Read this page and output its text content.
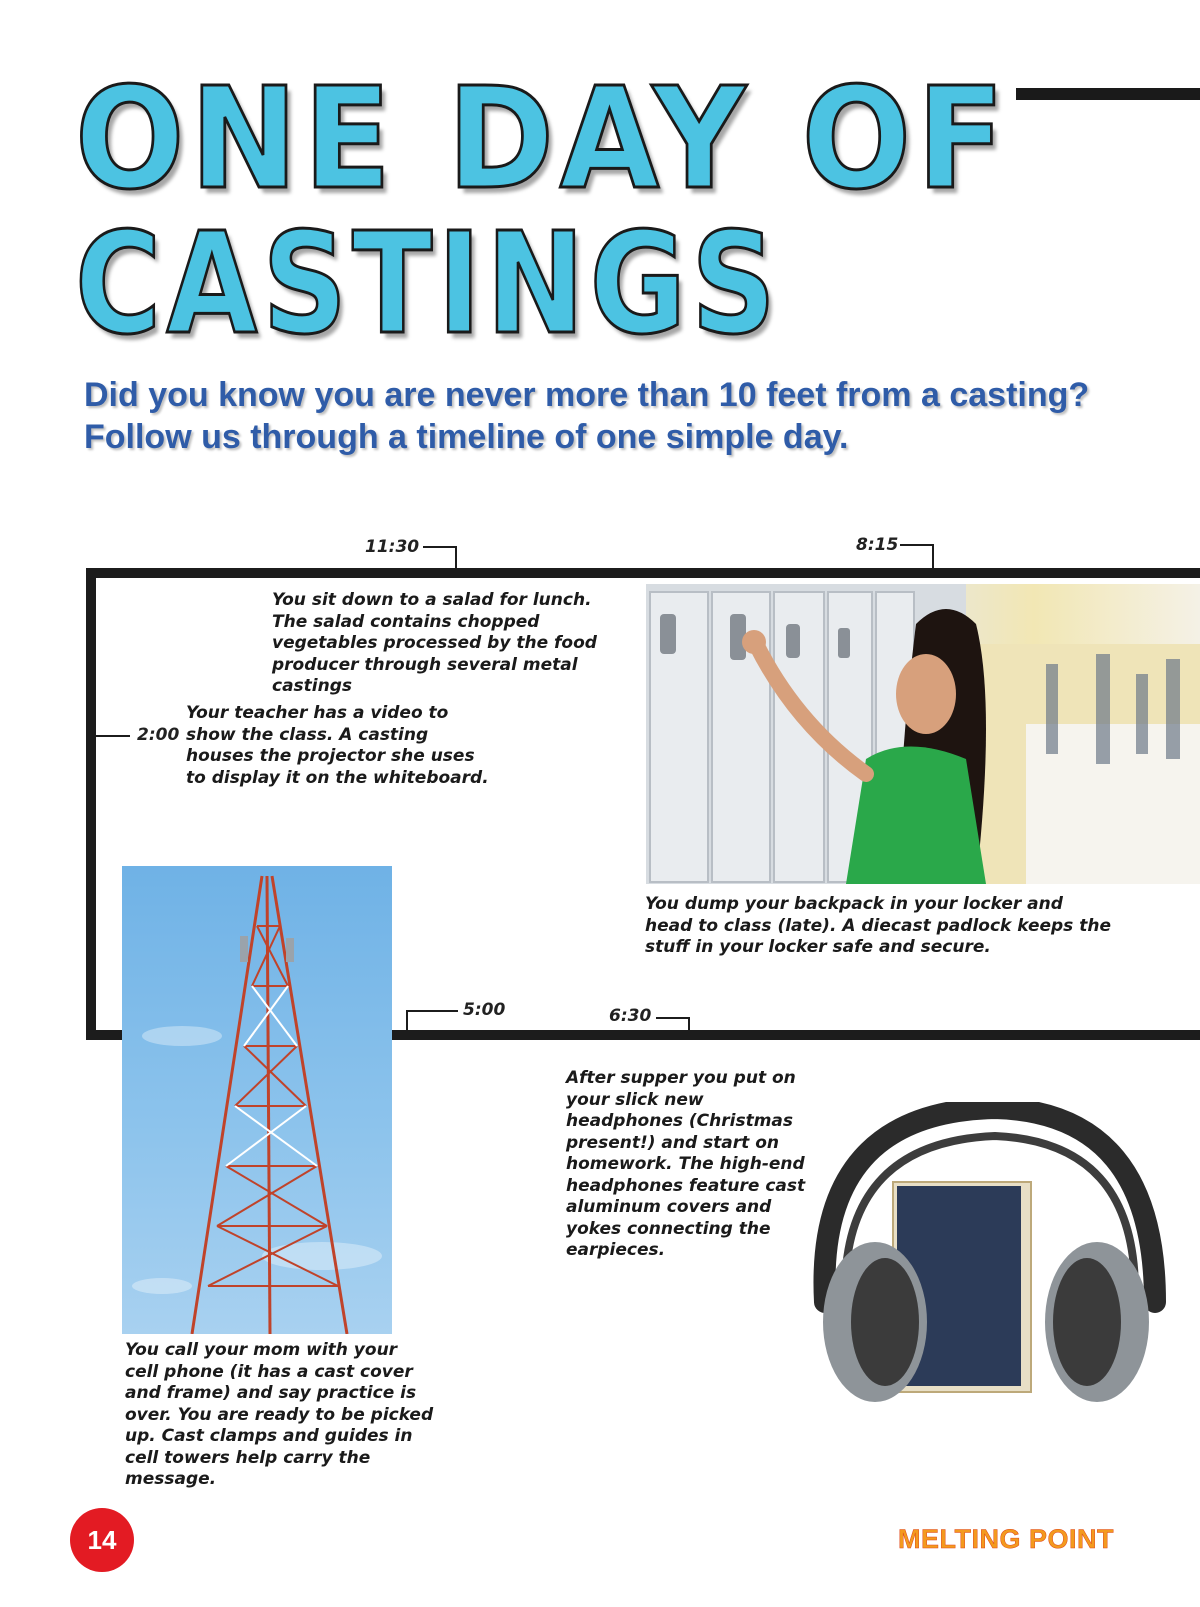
ONE DAY OF
CASTINGS

Did you know you are never more than 10 feet from a casting? Follow us through a timeline of one simple day.

11:30	8:15
2:00
5:00	6:30

You sit down to a salad for lunch. The salad contains chopped vegetables processed by the food producer through several metal castings

Your teacher has a video to show the class. A casting houses the projector she uses to display it on the whiteboard.

You dump your backpack in your locker and head to class (late). A diecast padlock keeps the stuff in your locker safe and secure.

After supper you put on your slick new headphones (Christmas present!) and start on homework. The high-end headphones feature cast aluminum covers and yokes connecting the earpieces.

You call your mom with your cell phone (it has a cast cover and frame) and say practice is over. You are ready to be picked up. Cast clamps and guides in cell towers help carry the message.

14	MELTING POINT
